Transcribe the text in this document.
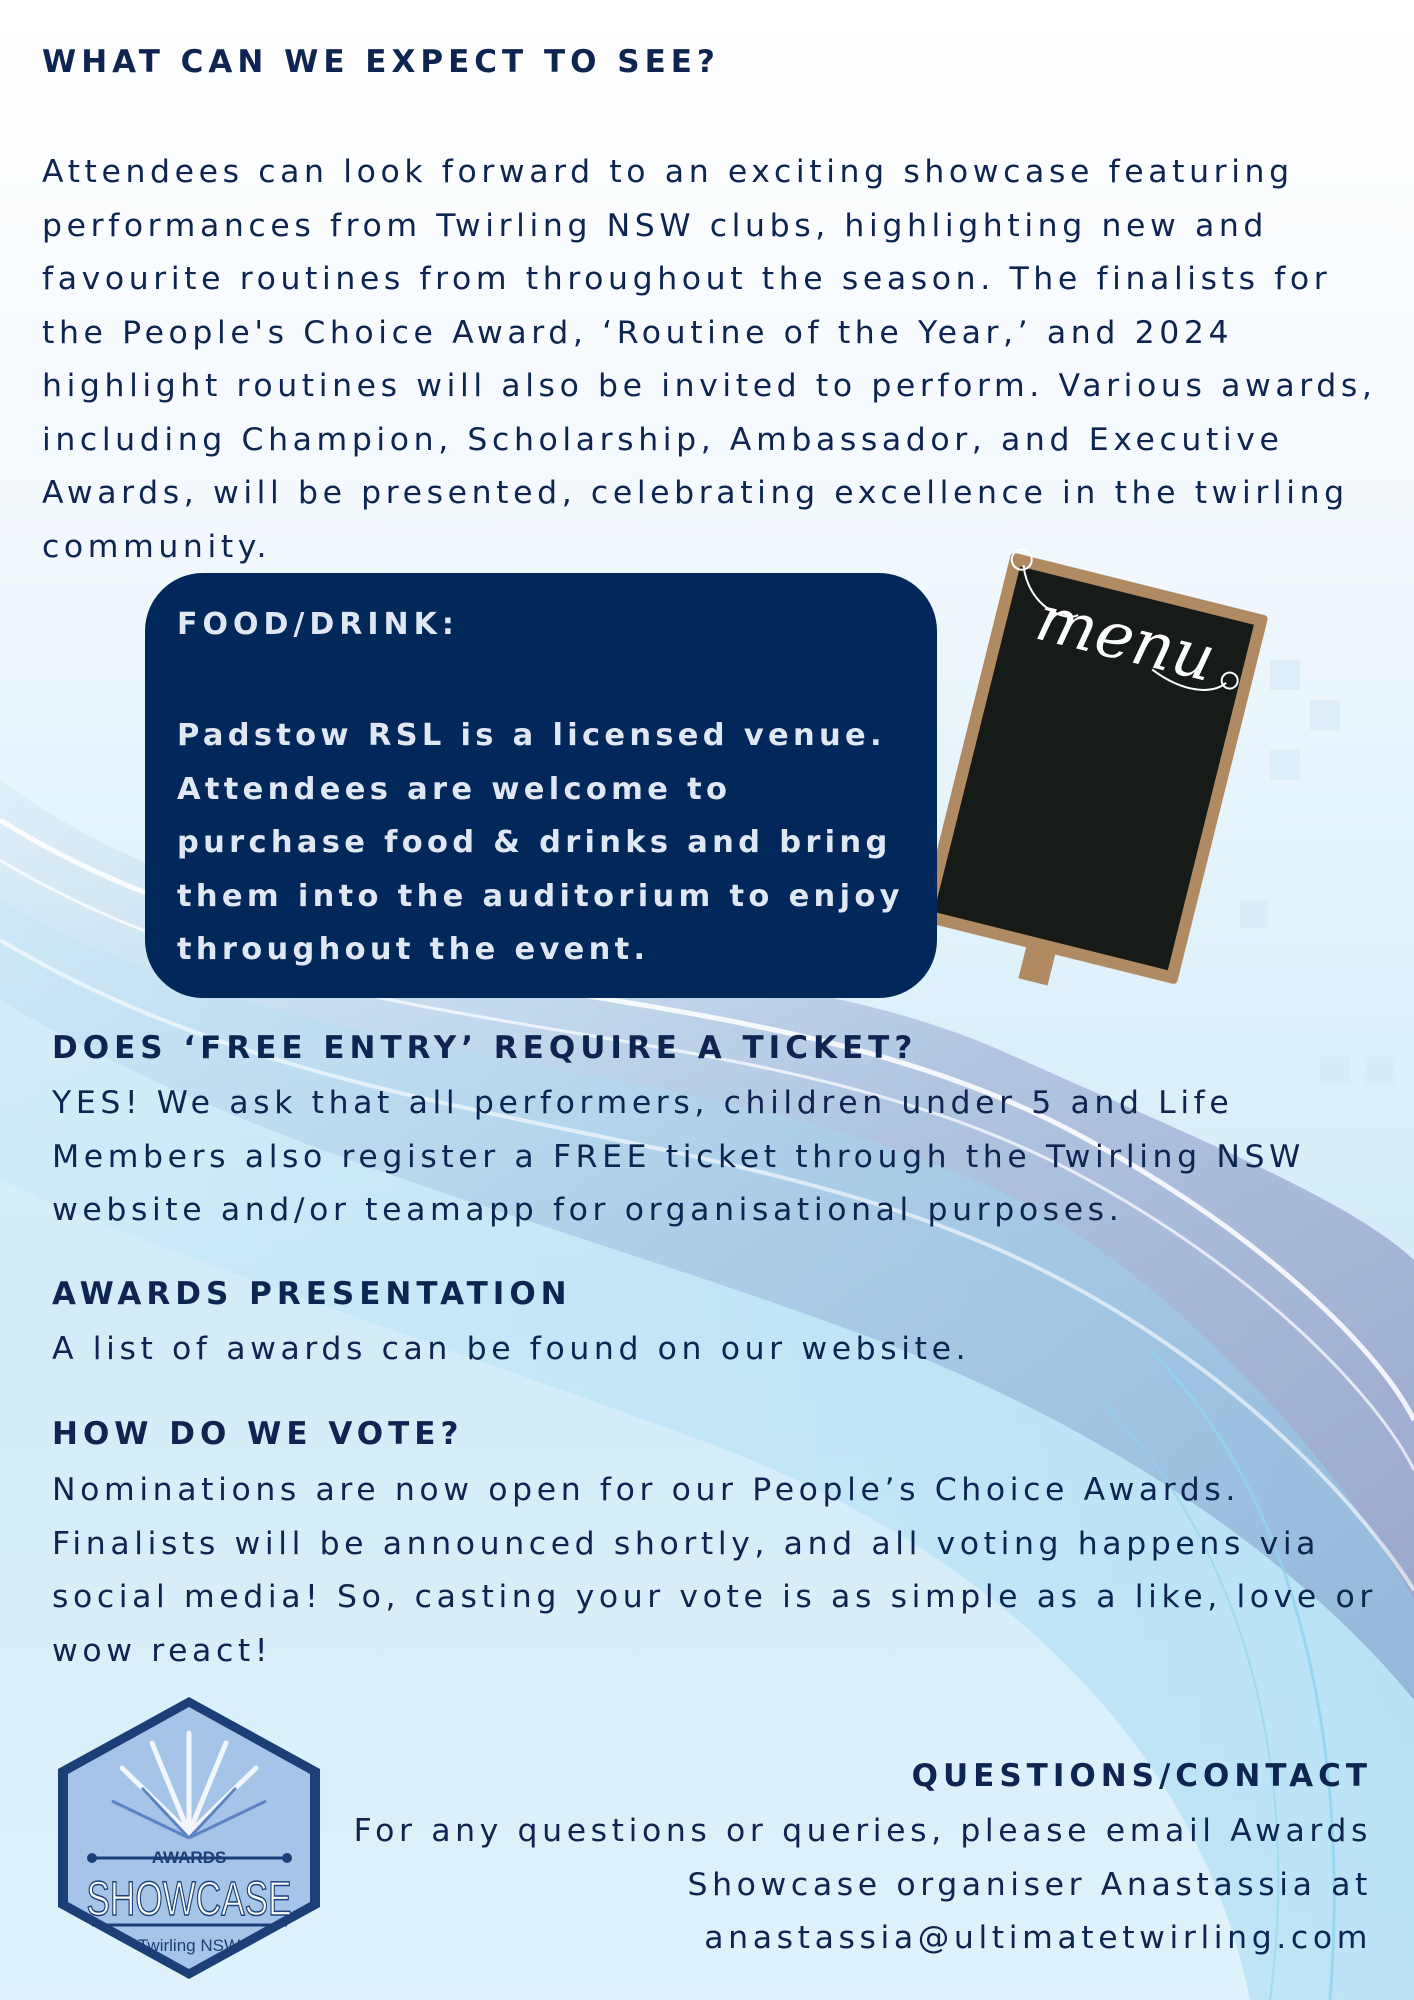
WHAT CAN WE EXPECT TO SEE?

Attendees can look forward to an exciting showcase featuring performances from Twirling NSW clubs, highlighting new and favourite routines from throughout the season. The finalists for the People's Choice Award, ‘Routine of the Year,’ and 2024 highlight routines will also be invited to perform. Various awards, including Champion, Scholarship, Ambassador, and Executive Awards, will be presented, celebrating excellence in the twirling community.

menu
FOOD/DRINK:
Padstow RSL is a licensed venue. Attendees are welcome to purchase food & drinks and bring them into the auditorium to enjoy throughout the event.
DOES ‘FREE ENTRY’ REQUIRE A TICKET?

YES! We ask that all performers, children under 5 and Life Members also register a FREE ticket through the Twirling NSW website and/or teamapp for organisational purposes.

AWARDS PRESENTATION

A list of awards can be found on our website.

HOW DO WE VOTE?

Nominations are now open for our People’s Choice Awards. Finalists will be announced shortly, and all voting happens via social media! So, casting your vote is as simple as a like, love or wow react!

AWARDS
SHOWCASE
Twirling NSW
QUESTIONS/CONTACT
For any questions or queries, please email Awards
Showcase organiser Anastassia at
anastassia@ultimatetwirling.com
